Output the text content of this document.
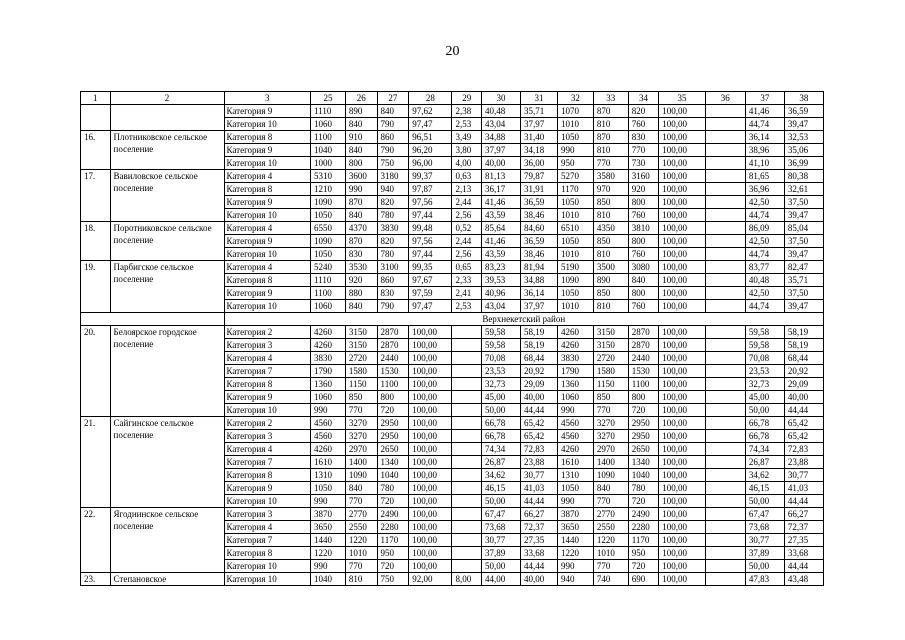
20
1	2	3	25	26	27	28	29	30	31	32	33	34	35	36	37	38
		Категория 9	1110	890	840	97,62	2,38	40,48	35,71	1070	870	820	100,00		41,46	36,59
		Категория 10	1060	840	790	97,47	2,53	43,04	37,97	1010	810	760	100,00		44,74	39,47
16.	Плотниковское сельское поселение	Категория 8	1100	910	860	96,51	3,49	34,88	31,40	1050	870	830	100,00		36,14	32,53
		Категория 9	1040	840	790	96,20	3,80	37,97	34,18	990	810	770	100,00		38,96	35,06
		Категория 10	1000	800	750	96,00	4,00	40,00	36,00	950	770	730	100,00		41,10	36,99
17.	Вавиловское сельское поселение	Категория 4	5310	3600	3180	99,37	0,63	81,13	79,87	5270	3580	3160	100,00		81,65	80,38
		Категория 8	1210	990	940	97,87	2,13	36,17	31,91	1170	970	920	100,00		36,96	32,61
		Категория 9	1090	870	820	97,56	2,44	41,46	36,59	1050	850	800	100,00		42,50	37,50
		Категория 10	1050	840	780	97,44	2,56	43,59	38,46	1010	810	760	100,00		44,74	39,47
18.	Поротниковское сельское поселение	Категория 4	6550	4370	3830	99,48	0,52	85,64	84,60	6510	4350	3810	100,00		86,09	85,04
		Категория 9	1090	870	820	97,56	2,44	41,46	36,59	1050	850	800	100,00		42,50	37,50
		Категория 10	1050	830	780	97,44	2,56	43,59	38,46	1010	810	760	100,00		44,74	39,47
19.	Парбигское сельское поселение	Категория 4	5240	3530	3100	99,35	0,65	83,23	81,94	5190	3500	3080	100,00		83,77	82,47
		Категория 8	1110	920	860	97,67	2,33	39,53	34,88	1090	890	840	100,00		40,48	35,71
		Категория 9	1100	880	830	97,59	2,41	40,96	36,14	1050	850	800	100,00		42,50	37,50
		Категория 10	1060	840	790	97,47	2,53	43,04	37,97	1010	810	760	100,00		44,74	39,47
		Верхнекетский район														
20.	Белоярское городское поселение	Категория 2	4260	3150	2870	100,00		59,58	58,19	4260	3150	2870	100,00		59,58	58,19
		Категория 3	4260	3150	2870	100,00		59,58	58,19	4260	3150	2870	100,00		59,58	58,19
		Категория 4	3830	2720	2440	100,00		70,08	68,44	3830	2720	2440	100,00		70,08	68,44
		Категория 7	1790	1580	1530	100,00		23,53	20,92	1790	1580	1530	100,00		23,53	20,92
		Категория 8	1360	1150	1100	100,00		32,73	29,09	1360	1150	1100	100,00		32,73	29,09
		Категория 9	1060	850	800	100,00		45,00	40,00	1060	850	800	100,00		45,00	40,00
		Категория 10	990	770	720	100,00		50,00	44,44	990	770	720	100,00		50,00	44,44
21.	Сайгинское сельское поселение	Категория 2	4560	3270	2950	100,00		66,78	65,42	4560	3270	2950	100,00		66,78	65,42
		Категория 3	4560	3270	2950	100,00		66,78	65,42	4560	3270	2950	100,00		66,78	65,42
		Категория 4	4260	2970	2650	100,00		74,34	72,83	4260	2970	2650	100,00		74,34	72,83
		Категория 7	1610	1400	1340	100,00		26,87	23,88	1610	1400	1340	100,00		26,87	23,88
		Категория 8	1310	1090	1040	100,00		34,62	30,77	1310	1090	1040	100,00		34,62	30,77
		Категория 9	1050	840	780	100,00		46,15	41,03	1050	840	780	100,00		46,15	41,03
		Категория 10	990	770	720	100,00		50,00	44,44	990	770	720	100,00		50,00	44,44
22.	Ягоднинское сельское поселение	Категория 3	3870	2770	2490	100,00		67,47	66,27	3870	2770	2490	100,00		67,47	66,27
		Категория 4	3650	2550	2280	100,00		73,68	72,37	3650	2550	2280	100,00		73,68	72,37
		Категория 7	1440	1220	1170	100,00		30,77	27,35	1440	1220	1170	100,00		30,77	27,35
		Категория 8	1220	1010	950	100,00		37,89	33,68	1220	1010	950	100,00		37,89	33,68
		Категория 10	990	770	720	100,00		50,00	44,44	990	770	720	100,00		50,00	44,44
23.	Степановское	Категория 10	1040	810	750	92,00	8,00	44,00	40,00	940	740	690	100,00		47,83	43,48
